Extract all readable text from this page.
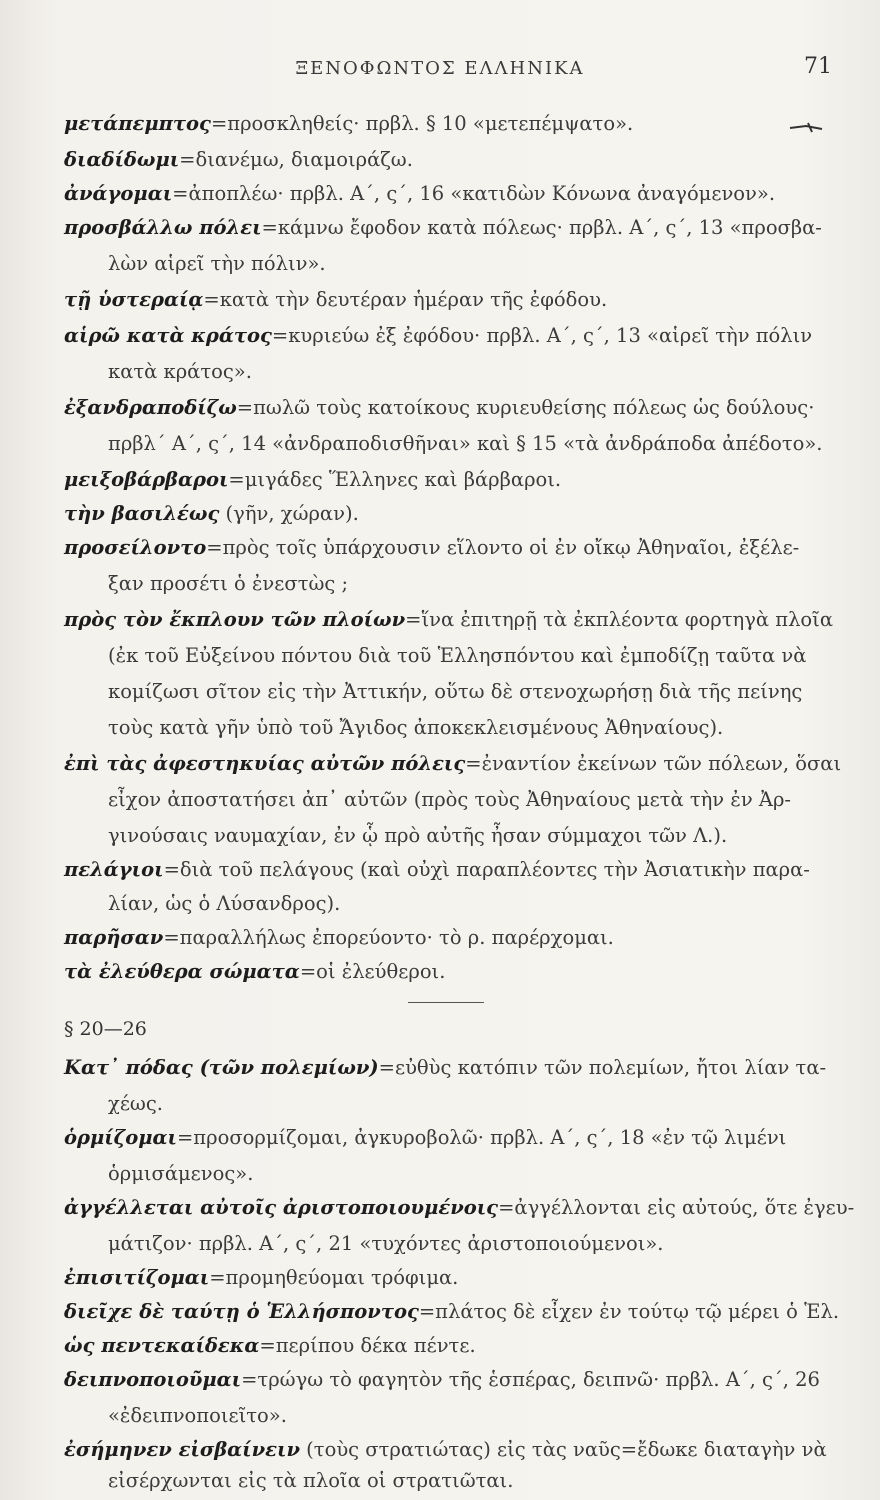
ΞΕΝΟΦΩΝΤΟΣ ΕΛΛΗΝΙΚΑ	71
μετάπεμπτος=προσκληθείς· πρβλ. § 10 «μετεπέμψατο».
διαδίδωμι=διανέμω, διαμοιράζω.
ἀνάγομαι=ἀποπλέω· πρβλ. Α΄, ς΄, 16 «κατιδὼν Κόνωνα ἀναγόμενον».
προσβάλλω πόλει=κάμνω ἔφοδον κατὰ πόλεως· πρβλ. Α΄, ς΄, 13 «προσβα-
λὼν αἱρεῖ τὴν πόλιν».
τῇ ὑστεραίᾳ=κατὰ τὴν δευτέραν ἡμέραν τῆς ἐφόδου.
αἱρῶ κατὰ κράτος=κυριεύω ἐξ ἐφόδου· πρβλ. Α΄, ς΄, 13 «αἱρεῖ τὴν πόλιν
κατὰ κράτος».
ἐξανδραποδίζω=πωλῶ τοὺς κατοίκους κυριευθείσης πόλεως ὡς δούλους·
πρβλ΄ Α΄, ς΄, 14 «ἀνδραποδισθῆναι» καὶ § 15 «τὰ ἀνδράποδα ἀπέδοτο».
μειξοβάρβαροι=μιγάδες Ἕλληνες καὶ βάρβαροι.
τὴν βασιλέως (γῆν, χώραν).
προσείλοντο=πρὸς τοῖς ὑπάρχουσιν εἵλοντο οἱ ἐν οἴκῳ Ἀθηναῖοι, ἐξέλε-
ξαν προσέτι ὁ ἐνεστὼς ;
πρὸς τὸν ἔκπλουν τῶν πλοίων=ἵνα ἐπιτηρῇ τὰ ἐκπλέοντα φορτηγὰ πλοῖα
(ἐκ τοῦ Εὐξείνου πόντου διὰ τοῦ Ἑλλησπόντου καὶ ἐμποδίζῃ ταῦτα νὰ
κομίζωσι σῖτον εἰς τὴν Ἀττικήν, οὕτω δὲ στενοχωρήσῃ διὰ τῆς πείνης
τοὺς κατὰ γῆν ὑπὸ τοῦ Ἄγιδος ἀποκεκλεισμένους Ἀθηναίους).
ἐπὶ τὰς ἀφεστηκυίας αὐτῶν πόλεις=ἐναντίον ἐκείνων τῶν πόλεων, ὅσαι
εἶχον ἀποστατήσει ἀπ᾽ αὐτῶν (πρὸς τοὺς Ἀθηναίους μετὰ τὴν ἐν Ἀρ-
γινούσαις ναυμαχίαν, ἐν ᾧ πρὸ αὐτῆς ἦσαν σύμμαχοι τῶν Λ.).
πελάγιοι=διὰ τοῦ πελάγους (καὶ οὐχὶ παραπλέοντες τὴν Ἀσιατικὴν παρα-
λίαν, ὡς ὁ Λύσανδρος).
παρῆσαν=παραλλήλως ἐπορεύοντο· τὸ ρ. παρέρχομαι.
τὰ ἐλεύθερα σώματα=οἱ ἐλεύθεροι.
§ 20—26
Κατ᾽ πόδας (τῶν πολεμίων)=εὐθὺς κατόπιν τῶν πολεμίων, ἤτοι λίαν τα-
χέως.
ὁρμίζομαι=προσορμίζομαι, ἀγκυροβολῶ· πρβλ. Α΄, ς΄, 18 «ἐν τῷ λιμένι
ὁρμισάμενος».
ἀγγέλλεται αὐτοῖς ἀριστοποιουμένοις=ἀγγέλλονται εἰς αὐτούς, ὅτε ἐγευ-
μάτιζον· πρβλ. Α΄, ς΄, 21 «τυχόντες ἀριστοποιούμενοι».
ἐπισιτίζομαι=προμηθεύομαι τρόφιμα.
διεῖχε δὲ ταύτῃ ὁ Ἑλλήσποντος=πλάτος δὲ εἶχεν ἐν τούτῳ τῷ μέρει ὁ Ἑλ.
ὡς πεντεκαίδεκα=περίπου δέκα πέντε.
δειπνοποιοῦμαι=τρώγω τὸ φαγητὸν τῆς ἑσπέρας, δειπνῶ· πρβλ. Α΄, ς΄, 26
«ἐδειπνοποιεῖτο».
ἐσήμηνεν εἰσβαίνειν (τοὺς στρατιώτας) εἰς τὰς ναῦς=ἔδωκε διαταγὴν νὰ
εἰσέρχωνται εἰς τὰ πλοῖα οἱ στρατιῶται.
